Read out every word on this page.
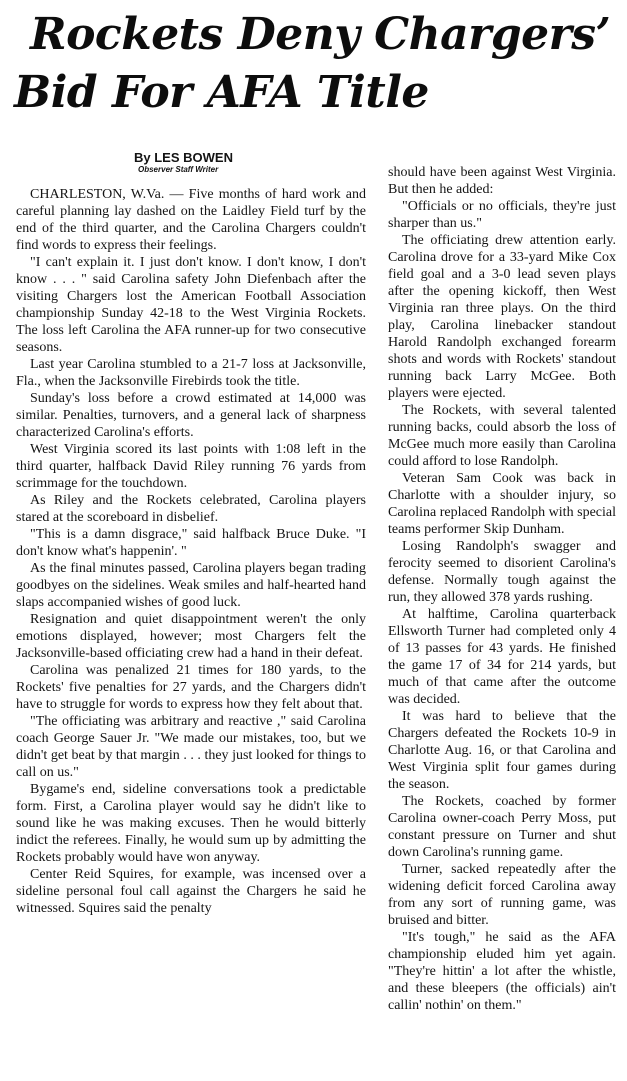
Rockets Deny Chargers’
Bid For AFA Title
By LES BOWEN
Observer Staff Writer

CHARLESTON, W.Va. — Five months of hard work and careful planning lay dashed on the Laidley Field turf by the end of the third quarter, and the Carolina Chargers couldn't find words to express their feelings.

"I can't explain it. I just don't know. I don't know, I don't know . . . " said Carolina safety John Diefenbach after the visiting Chargers lost the American Football Association championship Sunday 42-18 to the West Virginia Rockets. The loss left Carolina the AFA runner-up for two consecutive seasons.

Last year Carolina stumbled to a 21-7 loss at Jacksonville, Fla., when the Jacksonville Firebirds took the title.

Sunday's loss before a crowd estimated at 14,000 was similar. Penalties, turnovers, and a general lack of sharpness characterized Carolina's efforts.

West Virginia scored its last points with 1:08 left in the third quarter, halfback David Riley running 76 yards from scrimmage for the touchdown.

As Riley and the Rockets celebrated, Carolina players stared at the scoreboard in disbelief.

"This is a damn disgrace," said halfback Bruce Duke. "I don't know what's happenin'. "

As the final minutes passed, Carolina players began trading goodbyes on the sidelines. Weak smiles and half-hearted hand slaps accompanied wishes of good luck.

Resignation and quiet disappointment weren't the only emotions displayed, however; most Chargers felt the Jacksonville-based officiating crew had a hand in their defeat.

Carolina was penalized 21 times for 180 yards, to the Rockets' five penalties for 27 yards, and the Chargers didn't have to struggle for words to express how they felt about that.

"The officiating was arbitrary and reactive ," said Carolina coach George Sauer Jr. "We made our mistakes, too, but we didn't get beat by that margin . . . they just looked for things to call on us."

Bygame's end, sideline conversations took a predictable form. First, a Carolina player would say he didn't like to sound like he was making excuses. Then he would bitterly indict the referees. Finally, he would sum up by admitting the Rockets probably would have won anyway.

Center Reid Squires, for example, was incensed over a sideline personal foul call against the Chargers he said he witnessed. Squires said the penalty

should have been against West Virginia. But then he added:

"Officials or no officials, they're just sharper than us."

The officiating drew attention early. Carolina drove for a 33-yard Mike Cox field goal and a 3-0 lead seven plays after the opening kickoff, then West Virginia ran three plays. On the third play, Carolina linebacker standout Harold Randolph exchanged forearm shots and words with Rockets' standout running back Larry McGee. Both players were ejected.

The Rockets, with several talented running backs, could absorb the loss of McGee much more easily than Carolina could afford to lose Randolph.

Veteran Sam Cook was back in Charlotte with a shoulder injury, so Carolina replaced Randolph with special teams performer Skip Dunham.

Losing Randolph's swagger and ferocity seemed to disorient Carolina's defense. Normally tough against the run, they allowed 378 yards rushing.

At halftime, Carolina quarterback Ellsworth Turner had completed only 4 of 13 passes for 43 yards. He finished the game 17 of 34 for 214 yards, but much of that came after the outcome was decided.

It was hard to believe that the Chargers defeated the Rockets 10-9 in Charlotte Aug. 16, or that Carolina and West Virginia split four games during the season.

The Rockets, coached by former Carolina owner-coach Perry Moss, put constant pressure on Turner and shut down Carolina's running game.

Turner, sacked repeatedly after the widening deficit forced Carolina away from any sort of running game, was bruised and bitter.

"It's tough," he said as the AFA championship eluded him yet again. "They're hittin' a lot after the whistle, and these bleepers (the officials) ain't callin' nothin' on them."
